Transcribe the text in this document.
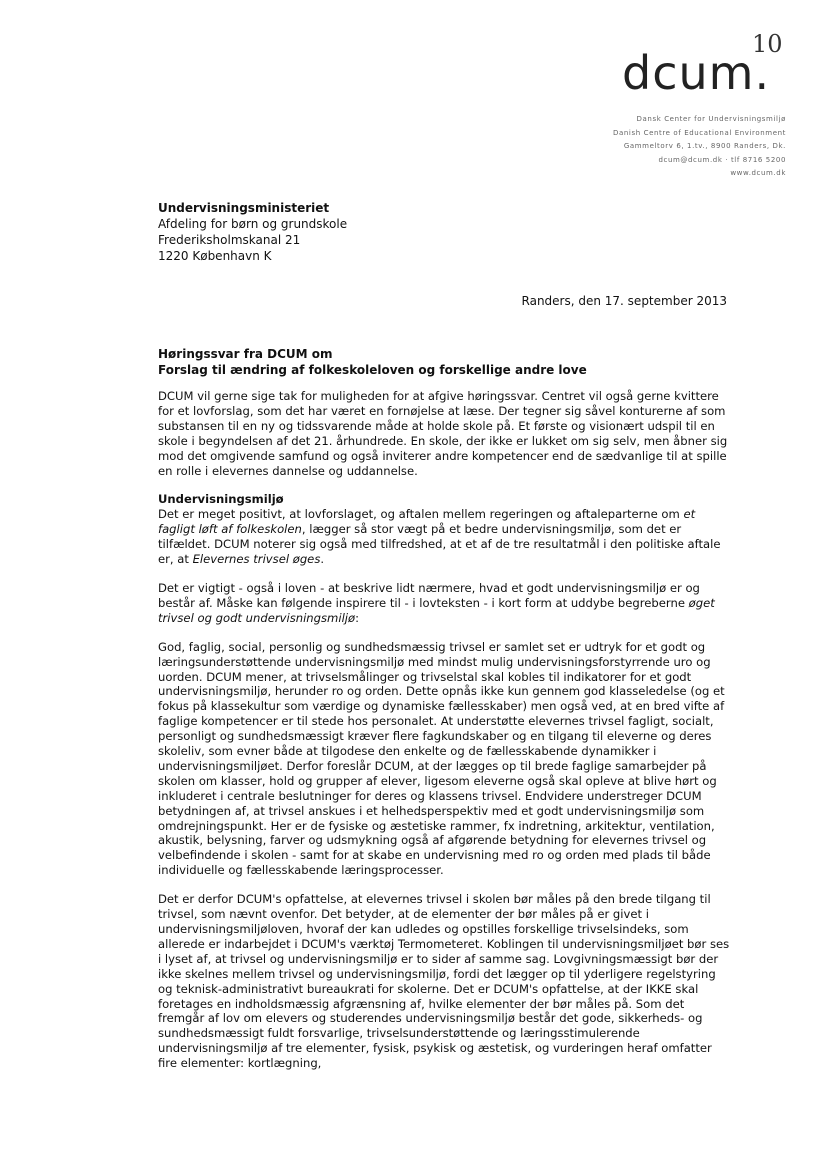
10
dcum.
Dansk Center for Undervisningsmiljø
Danish Centre of Educational Environment
Gammeltorv 6, 1.tv., 8900 Randers, Dk.
dcum@dcum.dk · tlf 8716 5200
www.dcum.dk
Undervisningsministeriet
Afdeling for børn og grundskole
Frederiksholmskanal 21
1220 København K
Randers, den 17. september 2013
Høringssvar fra DCUM om
Forslag til ændring af folkeskoleloven og forskellige andre love

DCUM vil gerne sige tak for muligheden for at afgive høringssvar. Centret vil også gerne kvittere for et lovforslag, som det har været en fornøjelse at læse. Der tegner sig såvel konturerne af som substansen til en ny og tidssvarende måde at holde skole på. Et første og visionært udspil til en skole i begyndelsen af det 21. århundrede. En skole, der ikke er lukket om sig selv, men åbner sig mod det omgivende samfund og også inviterer andre kompetencer end de sædvanlige til at spille en rolle i elevernes dannelse og uddannelse.

Undervisningsmiljø

Det er meget positivt, at lovforslaget, og aftalen mellem regeringen og aftaleparterne om et fagligt løft af folkeskolen, lægger så stor vægt på et bedre undervisningsmiljø, som det er tilfældet. DCUM noterer sig også med tilfredshed, at et af de tre resultatmål i den politiske aftale er, at Elevernes trivsel øges.

Det er vigtigt - også i loven - at beskrive lidt nærmere, hvad et godt undervisningsmiljø er og består af. Måske kan følgende inspirere til - i lovteksten - i kort form at uddybe begreberne øget trivsel og godt undervisningsmiljø:

God, faglig, social, personlig og sundhedsmæssig trivsel er samlet set er udtryk for et godt og læringsunderstøttende undervisningsmiljø med mindst mulig undervisningsforstyrrende uro og uorden. DCUM mener, at trivselsmålinger og trivselstal skal kobles til indikatorer for et godt undervisningsmiljø, herunder ro og orden. Dette opnås ikke kun gennem god klasseledelse (og et fokus på klassekultur som værdige og dynamiske fællesskaber) men også ved, at en bred vifte af faglige kompetencer er til stede hos personalet. At understøtte elevernes trivsel fagligt, socialt, personligt og sundhedsmæssigt kræver flere fagkundskaber og en tilgang til eleverne og deres skoleliv, som evner både at tilgodese den enkelte og de fællesskabende dynamikker i undervisningsmiljøet. Derfor foreslår DCUM, at der lægges op til brede faglige samarbejder på skolen om klasser, hold og grupper af elever, ligesom eleverne også skal opleve at blive hørt og inkluderet i centrale beslutninger for deres og klassens trivsel. Endvidere understreger DCUM betydningen af, at trivsel anskues i et helhedsperspektiv med et godt undervisningsmiljø som omdrejningspunkt. Her er de fysiske og æstetiske rammer, fx indretning, arkitektur, ventilation, akustik, belysning, farver og udsmykning også af afgørende betydning for elevernes trivsel og velbefindende i skolen - samt for at skabe en undervisning med ro og orden med plads til både individuelle og fællesskabende læringsprocesser.

Det er derfor DCUM's opfattelse, at elevernes trivsel i skolen bør måles på den brede tilgang til trivsel, som nævnt ovenfor. Det betyder, at de elementer der bør måles på er givet i undervisningsmiljøloven, hvoraf der kan udledes og opstilles forskellige trivselsindeks, som allerede er indarbejdet i DCUM's værktøj Termometeret. Koblingen til undervisningsmiljøet bør ses i lyset af, at trivsel og undervisningsmiljø er to sider af samme sag. Lovgivningsmæssigt bør der ikke skelnes mellem trivsel og undervisningsmiljø, fordi det lægger op til yderligere regelstyring og teknisk-administrativt bureaukrati for skolerne. Det er DCUM's opfattelse, at der IKKE skal foretages en indholdsmæssig afgrænsning af, hvilke elementer der bør måles på. Som det fremgår af lov om elevers og studerendes undervisningsmiljø består det gode, sikkerheds- og sundhedsmæssigt fuldt forsvarlige, trivselsunderstøttende og læringsstimulerende undervisningsmiljø af tre elementer, fysisk, psykisk og æstetisk, og vurderingen heraf omfatter fire elementer: kortlægning,
